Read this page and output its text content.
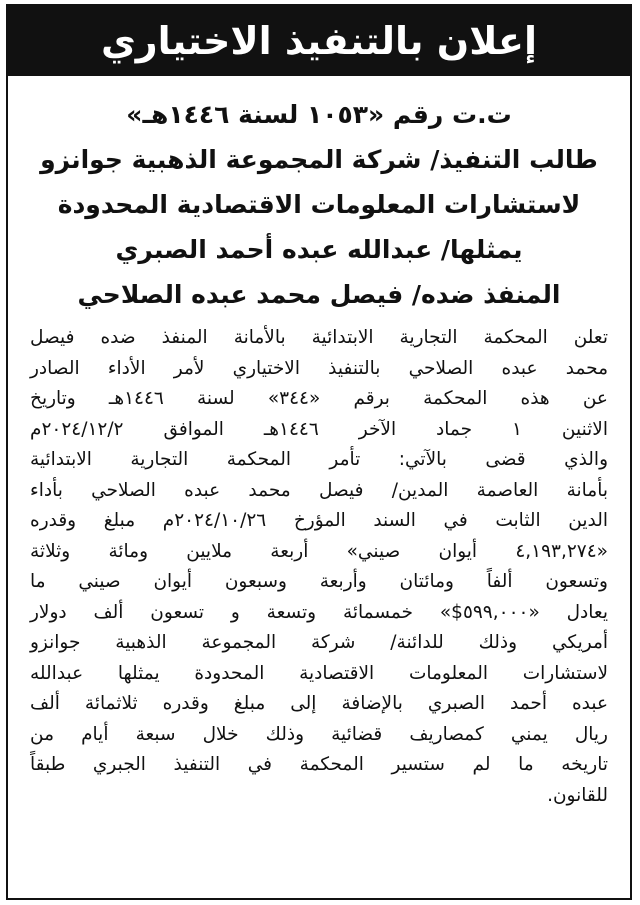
إعلان بالتنفيذ الاختياري
ت.ت رقم «١٠٥٣ لسنة ١٤٤٦هـ»
طالب التنفيذ/ شركة المجموعة الذهبية جوانزو
لاستشارات المعلومات الاقتصادية المحدودة
يمثلها/ عبدالله عبده أحمد الصبري
المنفذ ضده/ فيصل محمد عبده الصلاحي
تعلن المحكمة التجارية الابتدائية بالأمانة المنفذ ضده فيصل
محمد عبده الصلاحي بالتنفيذ الاختياري لأمر الأداء الصادر
عن هذه المحكمة برقم «٣٤٤» لسنة ١٤٤٦هـ وتاريخ
الاثنين ١ جماد الآخر ١٤٤٦هـ الموافق ٢٠٢٤/١٢/٢م
والذي قضى بالآتي: تأمر المحكمة التجارية الابتدائية
بأمانة العاصمة المدين/ فيصل محمد عبده الصلاحي بأداء
الدين الثابت في السند المؤرخ ٢٠٢٤/١٠/٢٦م مبلغ وقدره
«٤,١٩٣,٢٧٤ أيوان صيني» أربعة ملايين ومائة وثلاثة
وتسعون ألفاً ومائتان وأربعة وسبعون أيوان صيني ما
يعادل «٥٩٩,٠٠٠$» خمسمائة وتسعة و تسعون ألف دولار
أمريكي وذلك للدائنة/ شركة المجموعة الذهبية جوانزو
لاستشارات المعلومات الاقتصادية المحدودة يمثلها عبدالله
عبده أحمد الصبري بالإضافة إلى مبلغ وقدره ثلاثمائة ألف
ريال يمني كمصاريف قضائية وذلك خلال سبعة أيام من
تاريخه ما لم ستسير المحكمة في التنفيذ الجبري طبقاً
للقانون.
